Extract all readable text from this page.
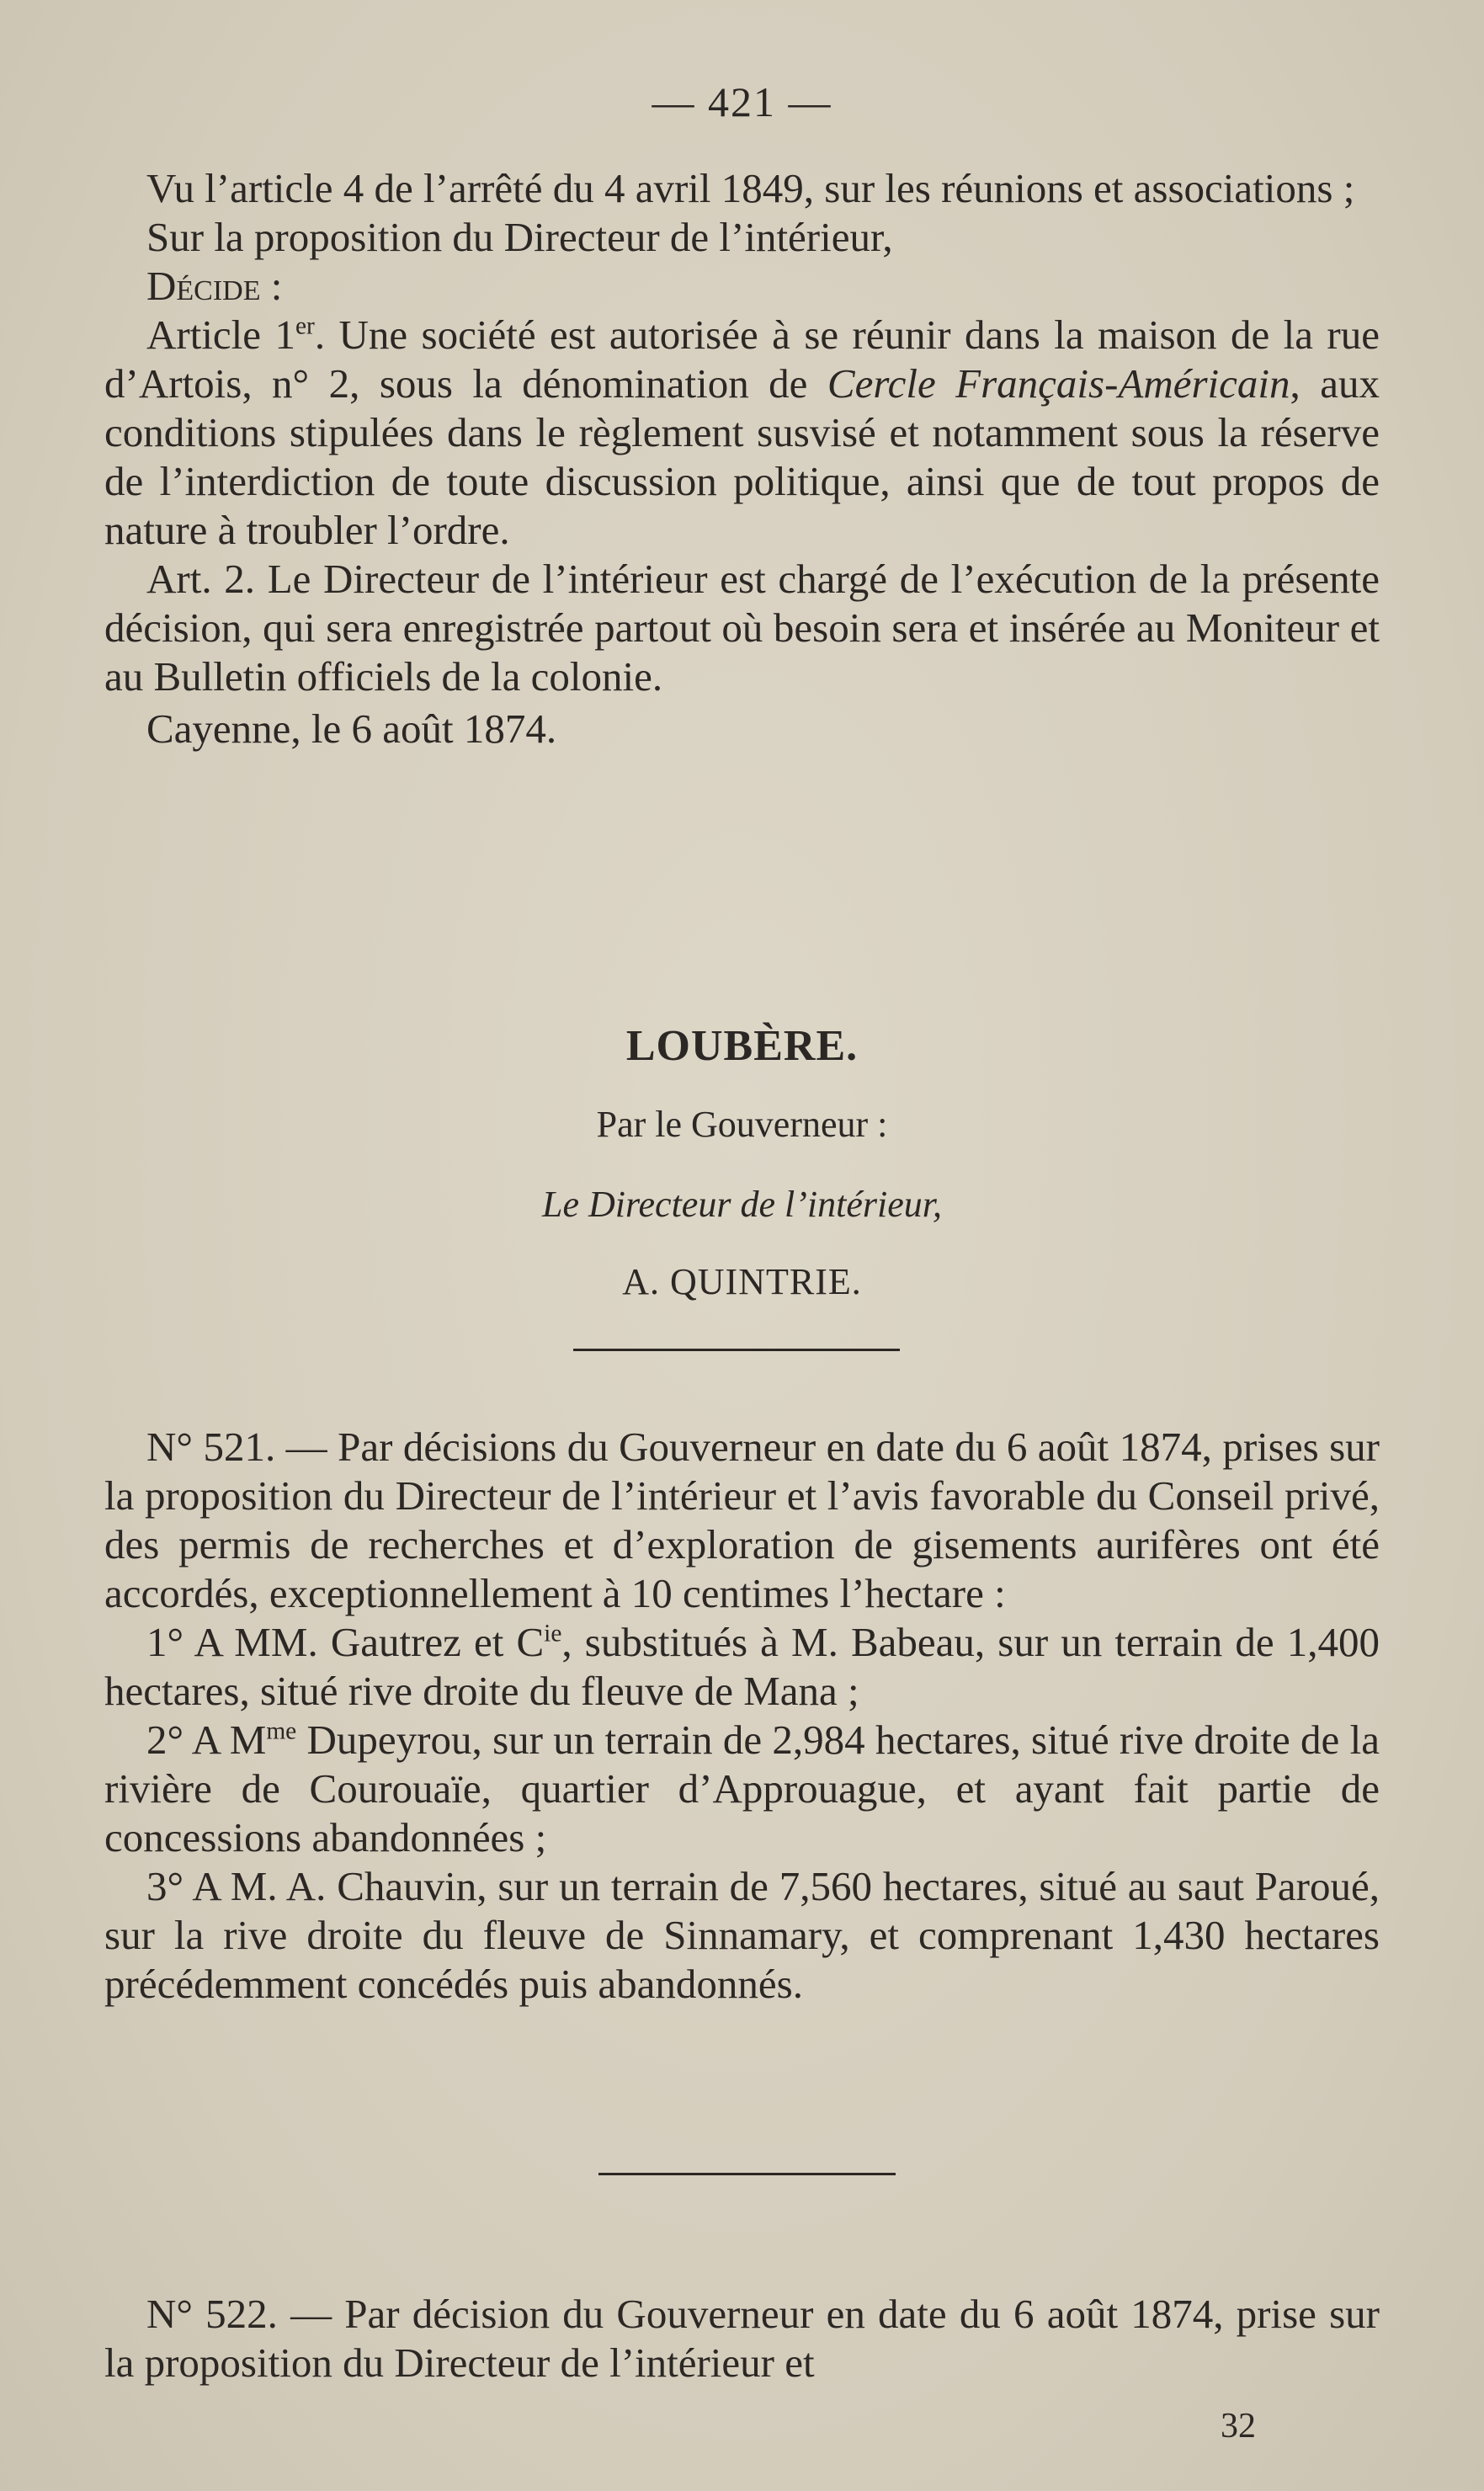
— 421 —

Vu l’article 4 de l’arrêté du 4 avril 1849, sur les réunions et associations ;

Sur la proposition du Directeur de l’intérieur,

Décide :

Article 1er. Une société est autorisée à se réunir dans la maison de la rue d’Artois, n° 2, sous la dénomination de Cercle Français-Américain, aux conditions stipulées dans le règlement susvisé et notamment sous la réserve de l’interdiction de toute discussion politique, ainsi que de tout propos de nature à troubler l’ordre.

Art. 2. Le Directeur de l’intérieur est chargé de l’exécution de la présente décision, qui sera enregistrée partout où besoin sera et insérée au Moniteur et au Bulletin officiels de la colonie.

Cayenne, le 6 août 1874.

LOUBÈRE.
Par le Gouverneur :
Le Directeur de l’intérieur,
A. QUINTRIE.

N° 521. — Par décisions du Gouverneur en date du 6 août 1874, prises sur la proposition du Directeur de l’intérieur et l’avis favorable du Conseil privé, des permis de recherches et d’exploration de gisements aurifères ont été accordés, exceptionnellement à 10 centimes l’hectare :

1° A MM. Gautrez et $C^{ie}$, substitués à M. Babeau, sur un terrain de 1,400 hectares, situé rive droite du fleuve de Mana ;

2° A $M^{me}$ Dupeyrou, sur un terrain de 2,984 hectares, situé rive droite de la rivière de Courouaïe, quartier d’Approuague, et ayant fait partie de concessions abandonnées ;

3° A M. A. Chauvin, sur un terrain de 7,560 hectares, situé au saut Paroué, sur la rive droite du fleuve de Sinnamary, et comprenant 1,430 hectares précédemment concédés puis abandonnés.

N° 522. — Par décision du Gouverneur en date du 6 août 1874, prise sur la proposition du Directeur de l’intérieur et

32
